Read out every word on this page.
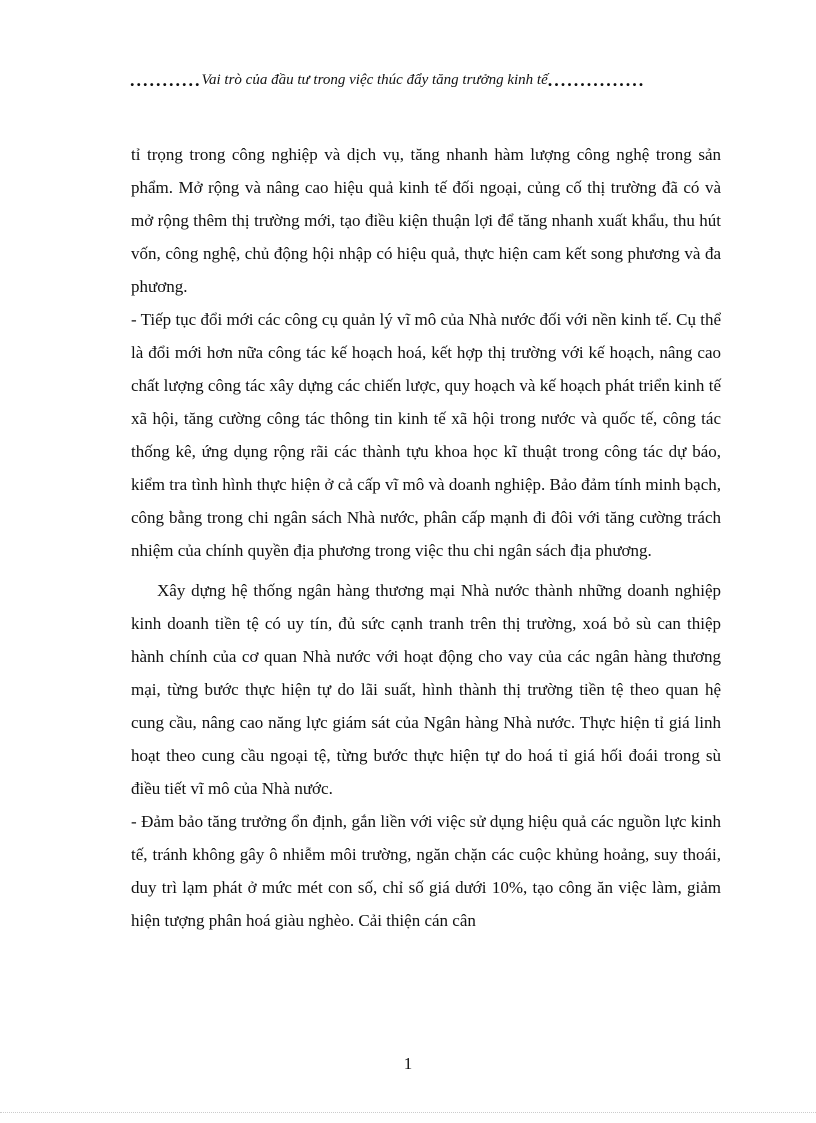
........... Vai trò của đầu tư trong việc thúc đẩy tăng trưởng kinh tế ...............

tỉ trọng trong công nghiệp và dịch vụ, tăng nhanh hàm lượng công nghệ trong sản phẩm. Mở rộng và nâng cao hiệu quả kinh tế đối ngoại, củng cố thị trường đã có và mở rộng thêm thị trường mới, tạo điều kiện thuận lợi để tăng nhanh xuất khẩu, thu hút vốn, công nghệ, chủ động hội nhập có hiệu quả, thực hiện cam kết song phương và đa phương.

- Tiếp tục đổi mới các công cụ quản lý vĩ mô của Nhà nước đối với nền kinh tế. Cụ thể là đổi mới hơn nữa công tác kế hoạch hoá, kết hợp thị trường với kế hoạch, nâng cao chất lượng công tác xây dựng các chiến lược, quy hoạch và kế hoạch phát triển kinh tế xã hội, tăng cường công tác thông tin kinh tế xã hội trong nước và quốc tế, công tác thống kê, ứng dụng rộng rãi các thành tựu khoa học kĩ thuật trong công tác dự báo, kiểm tra tình hình thực hiện ở cả cấp vĩ mô và doanh nghiệp. Bảo đảm tính minh bạch, công bằng trong chi ngân sách Nhà nước, phân cấp mạnh đi đôi với tăng cường trách nhiệm của chính quyền địa phương trong việc thu chi ngân sách địa phương.

Xây dựng hệ thống ngân hàng thương mại Nhà nước thành những doanh nghiệp kinh doanh tiền tệ có uy tín, đủ sức cạnh tranh trên thị trường, xoá bỏ sù can thiệp hành chính của cơ quan Nhà nước với hoạt động cho vay của các ngân hàng thương mại, từng bước thực hiện tự do lãi suất, hình thành thị trường tiền tệ theo quan hệ cung cầu, nâng cao năng lực giám sát của Ngân hàng Nhà nước. Thực hiện tỉ giá linh hoạt theo cung cầu ngoại tệ, từng bước thực hiện tự do hoá tỉ giá hối đoái trong sù điều tiết vĩ mô của Nhà nước.

- Đảm bảo tăng trưởng ổn định, gắn liền với việc sử dụng hiệu quả các nguồn lực kinh tế, tránh không gây ô nhiễm môi trường, ngăn chặn các cuộc khủng hoảng, suy thoái, duy trì lạm phát ở mức mét con số, chỉ số giá dưới 10%, tạo công ăn việc làm, giảm hiện tượng phân hoá giàu nghèo. Cải thiện cán cân

1
